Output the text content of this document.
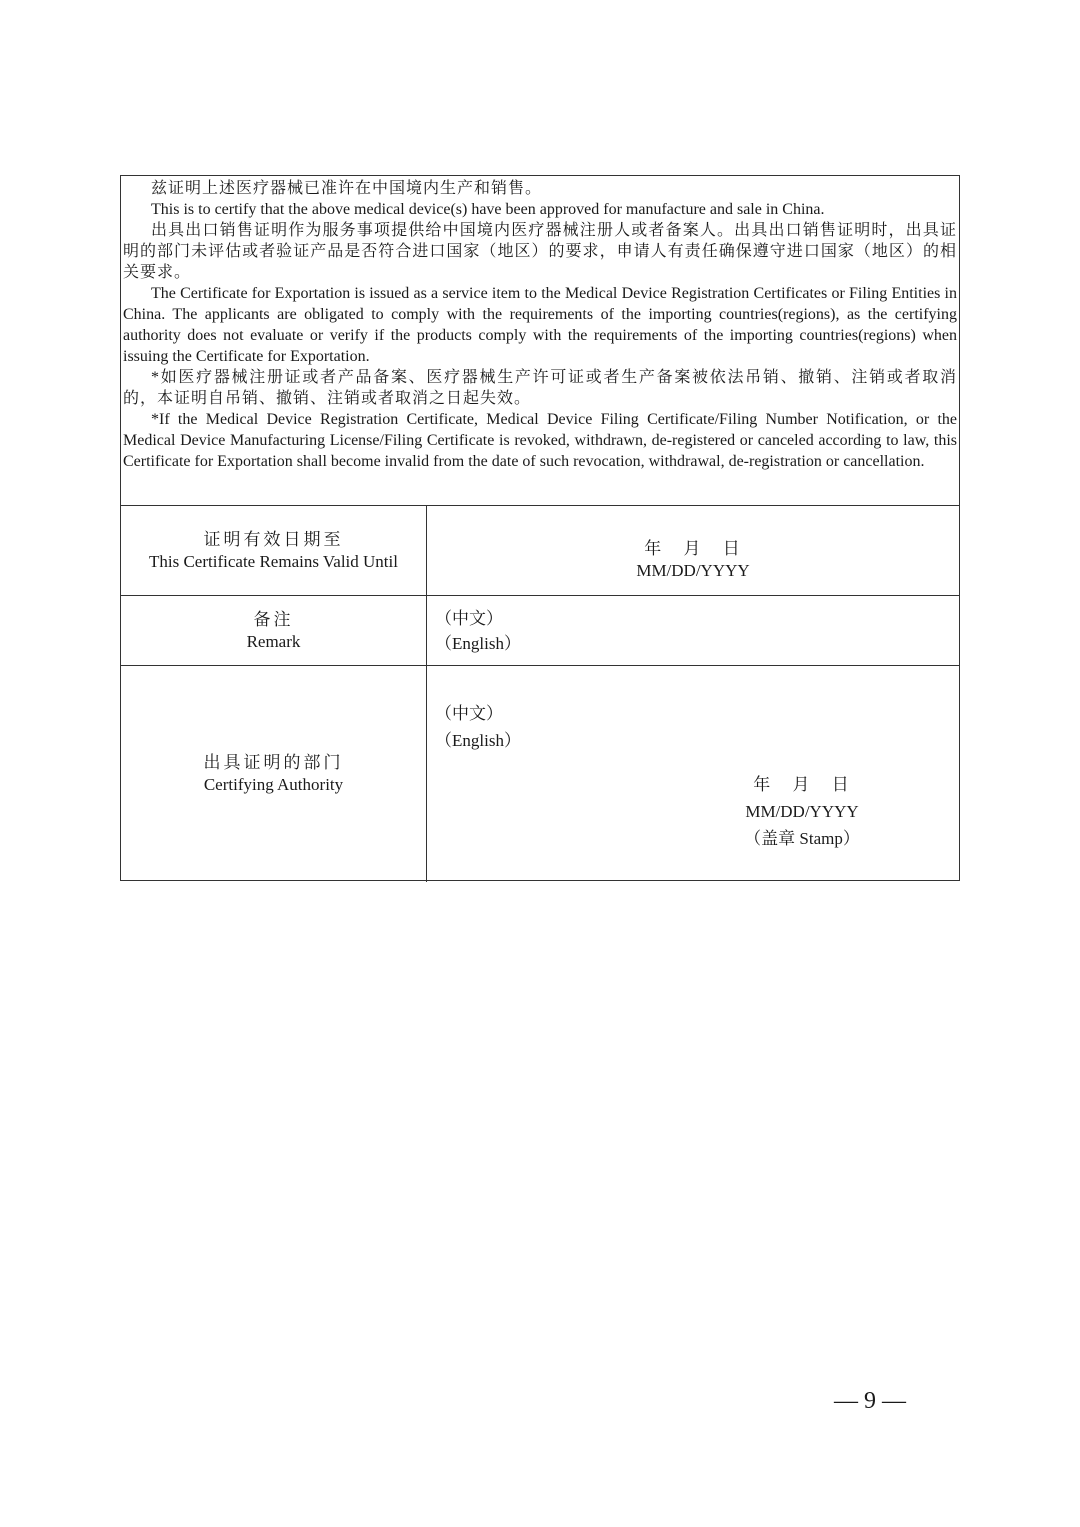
兹证明上述医疗器械已准许在中国境内生产和销售。

This is to certify that the above medical device(s) have been approved for manufacture and sale in China.

出具出口销售证明作为服务事项提供给中国境内医疗器械注册人或者备案人。出具出口销售证明时，出具证明的部门未评估或者验证产品是否符合进口国家（地区）的要求，申请人有责任确保遵守进口国家（地区）的相关要求。

The Certificate for Exportation is issued as a service item to the Medical Device Registration Certificates or Filing Entities in China. The applicants are obligated to comply with the requirements of the importing countries(regions), as the certifying authority does not evaluate or verify if the products comply with the requirements of the importing countries(regions) when issuing the Certificate for Exportation.

*如医疗器械注册证或者产品备案、医疗器械生产许可证或者生产备案被依法吊销、撤销、注销或者取消的，本证明自吊销、撤销、注销或者取消之日起失效。

*If the Medical Device Registration Certificate, Medical Device Filing Certificate/Filing Number Notification, or the Medical Device Manufacturing License/Filing Certificate is revoked, withdrawn, de-registered or canceled according to law, this Certificate for Exportation shall become invalid from the date of such revocation, withdrawal, de-registration or cancellation.

证明有效日期至
This Certificate Remains Valid Until
年 月 日
MM/DD/YYYY
备注
Remark
（中文）
（English）
出具证明的部门
Certifying Authority
（中文）
（English）
年 月 日
MM/DD/YYYY
（盖章 Stamp）
— 9 —
